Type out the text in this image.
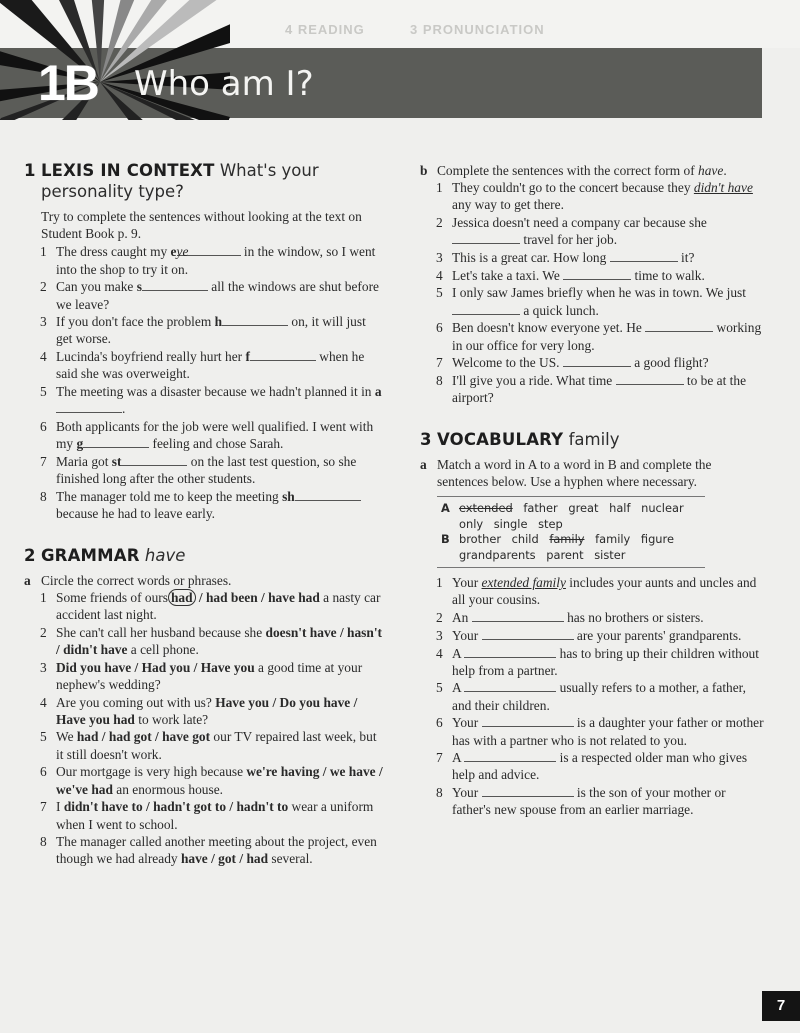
4 READING	3 PRONUNCIATION
1B Who am I?
1 LEXIS IN CONTEXT What's your
personality type?
Try to complete the sentences without looking at the text on Student Book p. 9.
1 The dress caught my eye	in the window, so I went into the shop to try it on.
2 Can you make s	all the windows are shut before we leave?
3 If you don't face the problem h	on, it will just get worse.
4 Lucinda's boyfriend really hurt her f	when he said she was overweight.
5 The meeting was a disaster because we hadn't planned it in a.
6 Both applicants for the job were well qualified. I went with my g	feeling and chose Sarah.
7 Maria got st	on the last test question, so she finished long after the other students.
8 The manager told me to keep the meeting sh because he had to leave early.
2 GRAMMAR have
a Circle the correct words or phrases.
1 Some friends of ours had / had been / have had a nasty car accident last night.
2 She can't call her husband because she doesn't have / hasn't / didn't have a cell phone.
3 Did you have / Had you / Have you a good time at your nephew's wedding?
4 Are you coming out with us? Have you / Do you have / Have you had to work late?
5 We had / had got / have got our TV repaired last week, but it still doesn't work.
6 Our mortgage is very high because we're having / we have / we've had an enormous house.
7 I didn't have to / hadn't got to / hadn't to wear a uniform when I went to school.
8 The manager called another meeting about the project, even though we had already have / got / had several.
b Complete the sentences with the correct form of have.
1 They couldn't go to the concert because they didn't have any way to get there.
2 Jessica doesn't need a company car because she  travel for her job.
3 This is a great car. How long	it?
4 Let's take a taxi. We	time to walk.
5 I only saw James briefly when he was in town. We just  a quick lunch.
6 Ben doesn't know everyone yet. He	working in our office for very long.
7 Welcome to the US.	a good flight?
8 I'll give you a ride. What time	to be at the airport?
3 VOCABULARY family
a Match a word in A to a word in B and complete the sentences below. Use a hyphen where necessary.
A extended father great half nuclear only single step
B brother child family family figure grandparents parent sister
1 Your extended family includes your aunts and uncles and all your cousins.
2 An	has no brothers or sisters.
3 Your	are your parents' grandparents.
4 A	has to bring up their children without help from a partner.
5 A	usually refers to a mother, a father, and their children.
6 Your	is a daughter your father or mother has with a partner who is not related to you.
7 A	is a respected older man who gives help and advice.
8 Your	is the son of your mother or father's new spouse from an earlier marriage.
7
